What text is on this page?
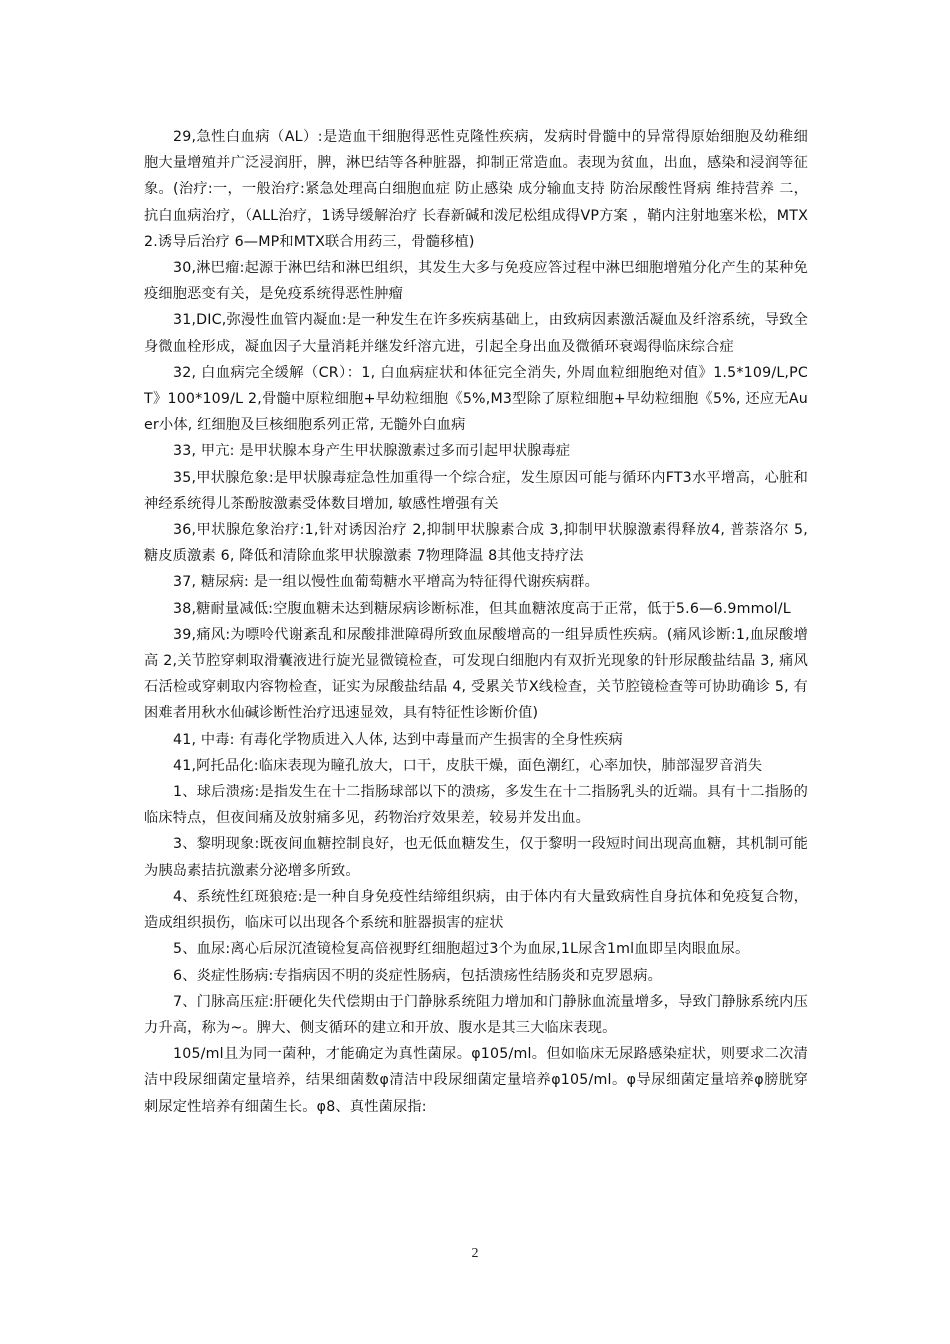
29,急性白血病（AL）:是造血干细胞得恶性克隆性疾病，发病时骨髓中的异常得原始细胞及幼稚细胞大量增殖并广泛浸润肝，脾，淋巴结等各种脏器，抑制正常造血。表现为贫血，出血，感染和浸润等征象。(治疗:一，一般治疗:紧急处理高白细胞血症 防止感染 成分输血支持 防治尿酸性肾病 维持营养 二，抗白血病治疗，（ALL治疗，1诱导缓解治疗 长春新碱和泼尼松组成得VP方案 ，鞘内注射地塞米松，MTX 2.诱导后治疗 6—MP和MTX联合用药三，骨髓移植)

30,淋巴瘤:起源于淋巴结和淋巴组织，其发生大多与免疫应答过程中淋巴细胞增殖分化产生的某种免疫细胞恶变有关，是免疫系统得恶性肿瘤

31,DIC,弥漫性血管内凝血:是一种发生在许多疾病基础上，由致病因素激活凝血及纤溶系统，导致全身微血栓形成，凝血因子大量消耗并继发纤溶亢进，引起全身出血及微循环衰竭得临床综合症

32, 白血病完全缓解（CR）：1, 白血病症状和体征完全消失, 外周血粒细胞绝对值》1.5*109/L,PCT》100*109/L 2,骨髓中原粒细胞+早幼粒细胞《5%,M3型除了原粒细胞+早幼粒细胞《5%, 还应无Auer小体, 红细胞及巨核细胞系列正常, 无髓外白血病

33, 甲亢: 是甲状腺本身产生甲状腺激素过多而引起甲状腺毒症

35,甲状腺危象:是甲状腺毒症急性加重得一个综合症，发生原因可能与循环内FT3水平增高，心脏和神经系统得儿茶酚胺激素受体数目增加, 敏感性增强有关

36,甲状腺危象治疗:1,针对诱因治疗 2,抑制甲状腺素合成 3,抑制甲状腺激素得释放4, 普萘洛尔 5, 糖皮质激素 6, 降低和清除血浆甲状腺激素 7物理降温 8其他支持疗法

37, 糖尿病: 是一组以慢性血葡萄糖水平增高为特征得代谢疾病群。

38,糖耐量减低:空腹血糖未达到糖尿病诊断标准，但其血糖浓度高于正常，低于5.6—6.9mmol/L

39,痛风:为嘌呤代谢紊乱和尿酸排泄障碍所致血尿酸增高的一组异质性疾病。(痛风诊断:1,血尿酸增高 2,关节腔穿刺取滑囊液进行旋光显微镜检查，可发现白细胞内有双折光现象的针形尿酸盐结晶 3, 痛风石活检或穿刺取内容物检查，证实为尿酸盐结晶 4, 受累关节X线检查，关节腔镜检查等可协助确诊 5, 有困难者用秋水仙碱诊断性治疗迅速显效，具有特征性诊断价值)

41, 中毒: 有毒化学物质进入人体, 达到中毒量而产生损害的全身性疾病

41,阿托品化:临床表现为瞳孔放大，口干，皮肤干燥，面色潮红，心率加快，肺部湿罗音消失

1、球后溃疡:是指发生在十二指肠球部以下的溃疡，多发生在十二指肠乳头的近端。具有十二指肠的临床特点，但夜间痛及放射痛多见，药物治疗效果差，较易并发出血。

3、黎明现象:既夜间血糖控制良好，也无低血糖发生，仅于黎明一段短时间出现高血糖，其机制可能为胰岛素拮抗激素分泌增多所致。

4、系统性红斑狼疮:是一种自身免疫性结缔组织病，由于体内有大量致病性自身抗体和免疫复合物，造成组织损伤，临床可以出现各个系统和脏器损害的症状

5、血尿:离心后尿沉渣镜检复高倍视野红细胞超过3个为血尿,1L尿含1ml血即呈肉眼血尿。

6、炎症性肠病:专指病因不明的炎症性肠病，包括溃疡性结肠炎和克罗恩病。

7、门脉高压症:肝硬化失代偿期由于门静脉系统阻力增加和门静脉血流量增多，导致门静脉系统内压力升高，称为~。脾大、侧支循环的建立和开放、腹水是其三大临床表现。

105/ml且为同一菌种，才能确定为真性菌尿。φ105/ml。但如临床无尿路感染症状，则要求二次清洁中段尿细菌定量培养，结果细菌数φ清洁中段尿细菌定量培养φ105/ml。φ导尿细菌定量培养φ膀胱穿刺尿定性培养有细菌生长。φ8、真性菌尿指:

2
